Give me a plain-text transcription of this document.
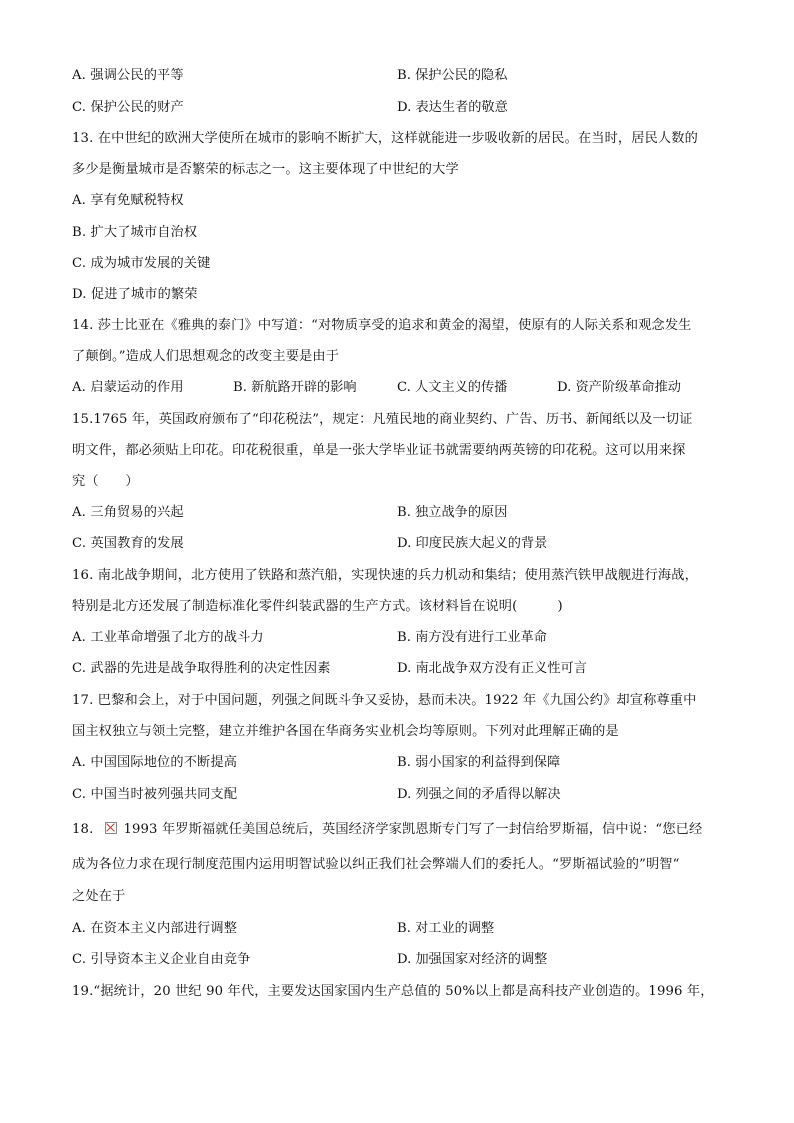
A. 强调公民的平等	B. 保护公民的隐私
C. 保护公民的财产	D. 表达生者的敬意
13. 在中世纪的欧洲大学使所在城市的影响不断扩大，这样就能进一步吸收新的居民。在当时，居民人数的
多少是衡量城市是否繁荣的标志之一。这主要体现了中世纪的大学
A. 享有免赋税特权
B. 扩大了城市自治权
C. 成为城市发展的关键
D. 促进了城市的繁荣
14. 莎士比亚在《雅典的泰门》中写道：“对物质享受的追求和黄金的渴望，使原有的人际关系和观念发生
了颠倒。”造成人们思想观念的改变主要是由于
A. 启蒙运动的作用	B. 新航路开辟的影响	C. 人文主义的传播	D. 资产阶级革命推动
15.1765 年，英国政府颁布了“印花税法”，规定：凡殖民地的商业契约、广告、历书、新闻纸以及一切证
明文件，都必须贴上印花。印花税很重，单是一张大学毕业证书就需要纳两英镑的印花税。这可以用来探
究（　　）
A. 三角贸易的兴起	B. 独立战争的原因
C. 英国教育的发展	D. 印度民族大起义的背景
16. 南北战争期间，北方使用了铁路和蒸汽船，实现快速的兵力机动和集结；使用蒸汽铁甲战舰进行海战，
特别是北方还发展了制造标准化零件纠装武器的生产方式。该材料旨在说明(　　　)
A. 工业革命增强了北方的战斗力	B. 南方没有进行工业革命
C. 武器的先进是战争取得胜利的决定性因素	D. 南北战争双方没有正义性可言
17. 巴黎和会上，对于中国问题，列强之间既斗争又妥协，悬而未决。1922 年《九国公约》却宣称尊重中
国主权独立与领土完整，建立并维护各国在华商务实业机会均等原则。下列对此理解正确的是
A. 中国国际地位的不断提高	B. 弱小国家的利益得到保障
C. 中国当时被列强共同支配	D. 列强之间的矛盾得以解决
18. 1993 年罗斯福就任美国总统后，英国经济学家凯恩斯专门写了一封信给罗斯福，信中说：“您已经
成为各位力求在现行制度范围内运用明智试验以纠正我们社会弊端人们的委托人。“罗斯福试验的”明智“
之处在于
A. 在资本主义内部进行调整	B. 对工业的调整
C. 引导资本主义企业自由竞争	D. 加强国家对经济的调整
19.“据统计，20 世纪 90 年代，主要发达国家国内生产总值的 50%以上都是高科技产业创造的。1996 年，
